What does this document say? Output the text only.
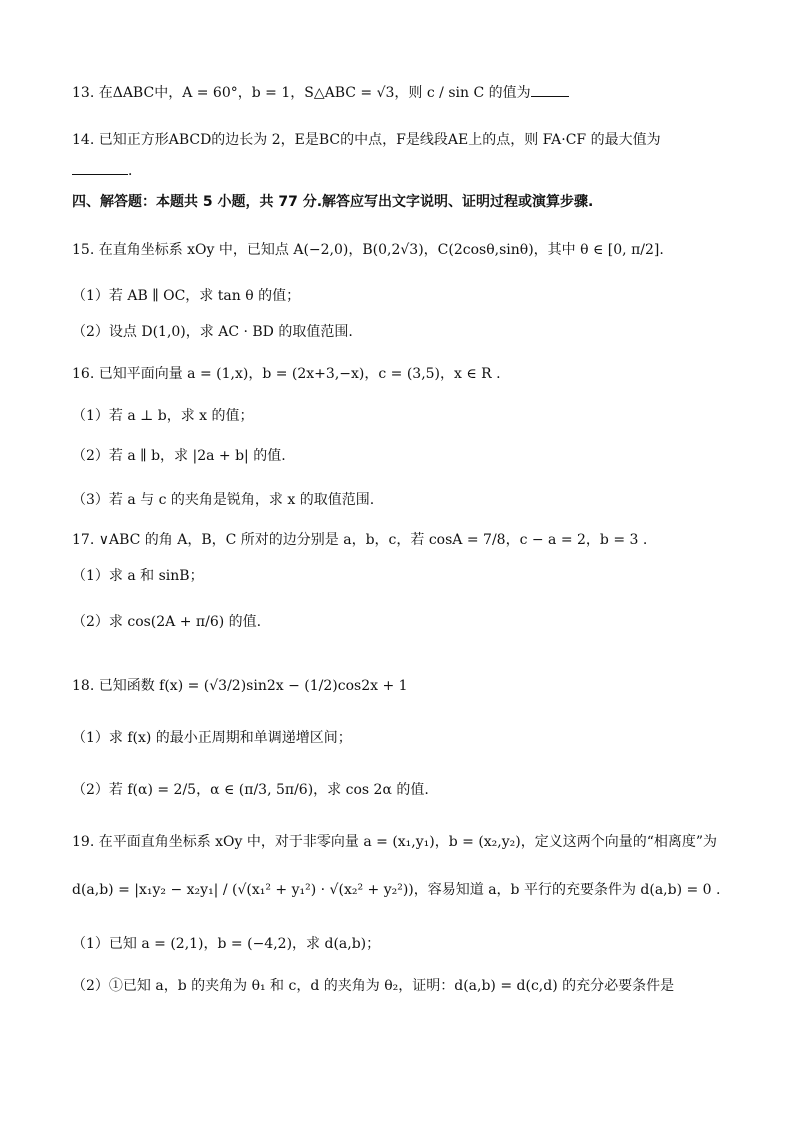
13. 在ΔABC中，A = 60°，b = 1，S△ABC = √3，则 c / sin C 的值为
14. 已知正方形ABCD的边长为 2，E是BC的中点，F是线段AE上的点，则 FA·CF 的最大值为
．
四、解答题：本题共 5 小题，共 77 分.解答应写出文字说明、证明过程或演算步骤.
15. 在直角坐标系 xOy 中，已知点 A(−2,0)，B(0,2√3)，C(2cosθ,sinθ)，其中 θ ∈ [0, π/2].
（1）若 AB ∥ OC，求 tan θ 的值；
（2）设点 D(1,0)，求 AC · BD 的取值范围.
16. 已知平面向量 a = (1,x)，b = (2x+3,−x)，c = (3,5)，x ∈ R .
（1）若 a ⊥ b，求 x 的值；
（2）若 a ∥ b，求 |2a + b| 的值.
（3）若 a 与 c 的夹角是锐角，求 x 的取值范围.
17. ∨ABC 的角 A，B，C 所对的边分别是 a，b，c，若 cosA = 7/8，c − a = 2，b = 3 .
（1）求 a 和 sinB；
（2）求 cos(2A + π/6) 的值.
18. 已知函数 f(x) = (√3/2)sin2x − (1/2)cos2x + 1
（1）求 f(x) 的最小正周期和单调递增区间；
（2）若 f(α) = 2/5，α ∈ (π/3, 5π/6)，求 cos 2α 的值.
19. 在平面直角坐标系 xOy 中，对于非零向量 a = (x₁,y₁)，b = (x₂,y₂)，定义这两个向量的“相离度”为
d(a,b) = |x₁y₂ − x₂y₁| / (√(x₁² + y₁²) · √(x₂² + y₂²))，容易知道 a，b 平行的充要条件为 d(a,b) = 0 .
（1）已知 a = (2,1)，b = (−4,2)，求 d(a,b)；
（2）①已知 a，b 的夹角为 θ₁ 和 c，d 的夹角为 θ₂，证明：d(a,b) = d(c,d) 的充分必要条件是
